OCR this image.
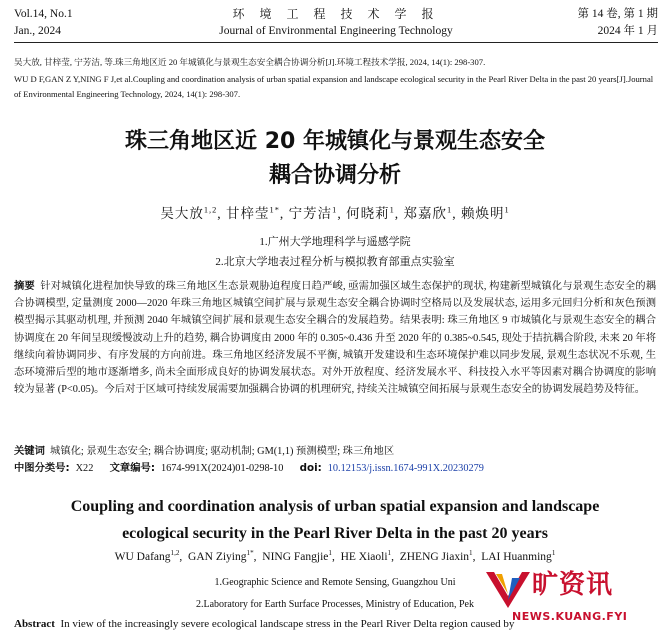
Vol.14, No.1
Jan., 2024
环 境 工 程 技 术 学 报
Journal of Environmental Engineering Technology
第 14 卷, 第 1 期
2024 年 1 月

吴大放, 甘梓莹, 宁芳洁, 等.珠三角地区近 20 年城镇化与景观生态安全耦合协调分析[J].环境工程技术学报, 2024, 14(1): 298-307.

WU D F,GAN Z Y,NING F J,et al.Coupling and coordination analysis of urban spatial expansion and landscape ecological security in the Pearl River Delta in the past 20 years[J].Journal of Environmental Engineering Technology, 2024, 14(1): 298-307.

珠三角地区近 20 年城镇化与景观生态安全
耦合协调分析
吴大放$^{1,2}$, 甘梓莹$^{1*}$, 宁芳洁$^1$, 何晓莉$^1$, 郑嘉欣$^1$, 赖焕明$^1$
1.广州大学地理科学与遥感学院
2.北京大学地表过程分析与模拟教育部重点实验室
摘要 针对城镇化进程加快导致的珠三角地区生态景观胁迫程度日趋严峻, 亟需加强区域生态保护的现状, 构建新型城镇化与景观生态安全的耦合协调模型, 定量测度 2000—2020 年珠三角地区城镇空间扩展与景观生态安全耦合协调时空格局以及发展状态, 运用多元回归分析和灰色预测模型揭示其驱动机理, 并预测 2040 年城镇空间扩展和景观生态安全耦合的发展趋势。结果表明: 珠三角地区 9 市城镇化与景观生态安全的耦合协调度在 20 年间呈现缓慢波动上升的趋势, 耦合协调度由 2000 年的 0.305~0.436 升至 2020 年的 0.385~0.545, 现处于拮抗耦合阶段, 未来 20 年将继续向着协调同步、有序发展的方向前进。珠三角地区经济发展不平衡, 城镇开发建设和生态环境保护难以同步发展, 景观生态状况不乐观, 生态环境滞后型的地市逐渐增多, 尚未全面形成良好的协调发展状态。对外开放程度、经济发展水平、科技投入水平等因素对耦合协调度的影响较为显著 (P<0.05)。今后对于区域可持续发展需要加强耦合协调的机理研究, 持续关注城镇空间拓展与景观生态安全的协调发展趋势及特征。
关键词 城镇化; 景观生态安全; 耦合协调度; 驱动机制; GM(1,1) 预测模型; 珠三角地区
中图分类号: X22 文章编号: 1674-991X(2024)01-0298-10 doi: 10.12153/j.issn.1674-991X.20230279
Coupling and coordination analysis of urban spatial expansion and landscape
ecological security in the Pearl River Delta in the past 20 years
WU Dafang$^{1,2}$,  GAN Ziying$^{1*}$,  NING Fangjie$^1$,  HE Xiaoli$^1$,  ZHENG Jiaxin$^1$,  LAI Huanming$^1$
1.Geographic Science and Remote Sensing, Guangzhou Uni
2.Laboratory for Earth Surface Processes, Ministry of Education, Pek
Abstract In view of the increasingly severe ecological landscape stress in the Pearl River Delta region caused by
旷资讯
NEWS.KUANG.FYI
